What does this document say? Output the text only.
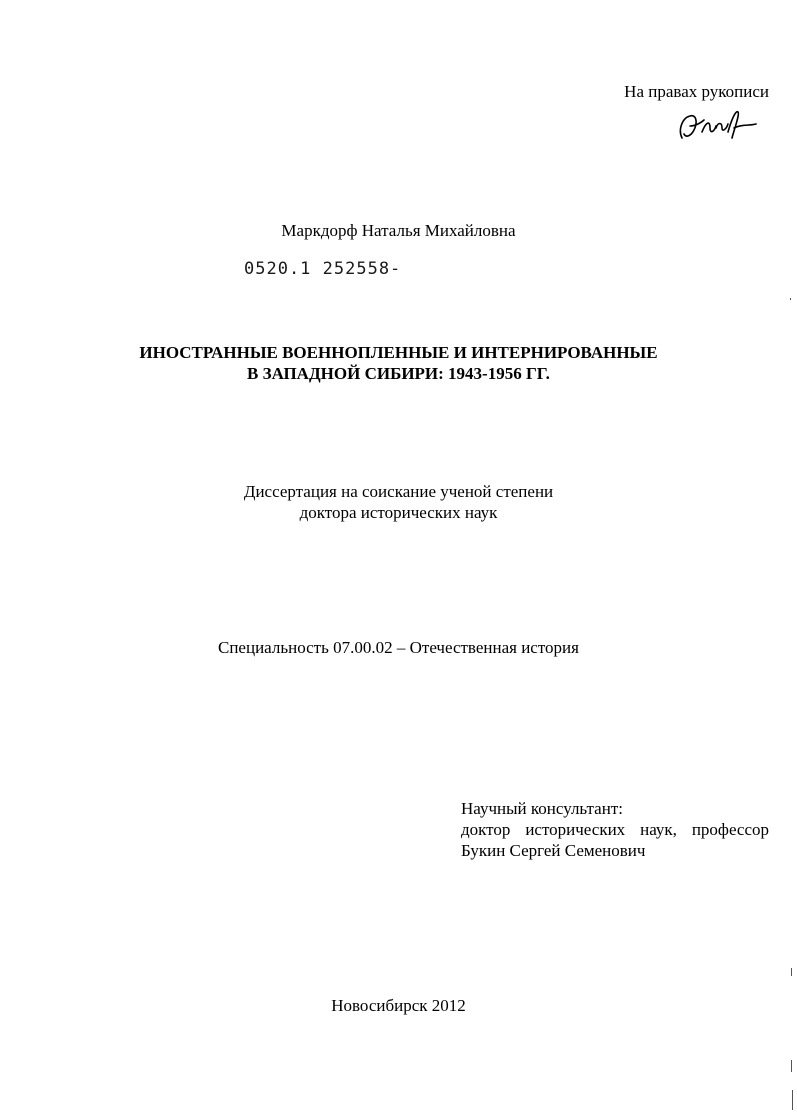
На правах рукописи

Маркдорф Наталья Михайловна

0520.1 252558-

ИНОСТРАННЫЕ ВОЕННОПЛЕННЫЕ И ИНТЕРНИРОВАННЫЕ
В ЗАПАДНОЙ СИБИРИ: 1943-1956 ГГ.
Диссертация на соискание ученой степени
доктора исторических наук

Специальность 07.00.02 – Отечественная история

Научный консультант:
доктор исторических наук, профессор
Букин Сергей Семенович

Новосибирск 2012
